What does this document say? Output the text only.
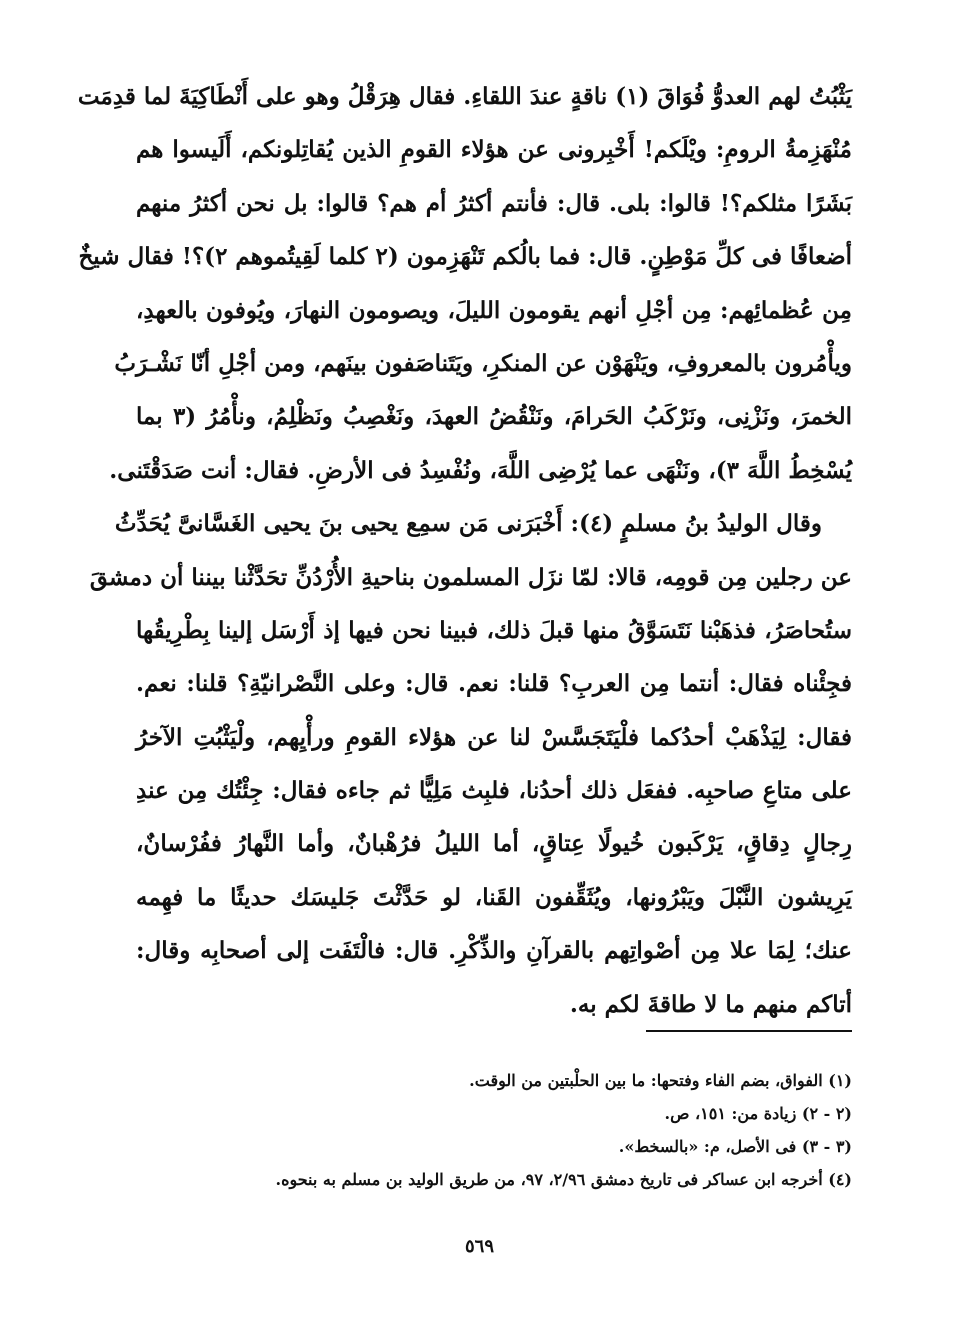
يَثْبُتُ لهم العدوُّ فُوَاقَ (١) ناقةٍ عندَ اللقاءِ. فقال هِرَقْلُ وهو على أَنْطَاكِيَةَ لما قدِمَت
مُنْهَزِمةُ الرومِ: ويْلَكم! أَخْبِرونى عن هؤلاء القومِ الذين يُقاتِلونكم، أَلَيسوا هم
بَشَرًا مثلكم؟! قالوا: بلى. قال: فأنتم أكثرُ أم هم؟ قالوا: بل نحن أكثرُ منهم
أضعافًا فى كلِّ مَوْطِنٍ. قال: فما بالُكم تَنْهَزِمون (٢ كلما لَقِيتُموهم ٢)؟! فقال شيخٌ
مِن عُظمائِهم: مِن أجْلِ أنهم يقومون الليلَ، ويصومون النهارَ، ويُوفون بالعهدِ،
ويأْمُرون بالمعروفِ، ويَنْهَوْن عن المنكرِ، ويَتَناصَفون بينَهم، ومن أجْلِ أنّا نَشْـرَبُ
الخمرَ، ونَزْنِى، ونَرْكَبُ الحَرامَ، ونَنْقُضُ العهدَ، ونَغْصِبُ ونَظْلِمُ، ونأْمُرُ (٣ بما
يُسْخِطُ اللَّهَ ٣)، ونَنْهَى عما يُرْضِى اللَّهَ، ونُفْسِدُ فى الأرضِ. فقال: أنت صَدَقْتَنى.
وقال الوليدُ بنُ مسلمٍ (٤): أَخْبَرَنى مَن سمِع يحيى بنَ يحيى الغَسَّانىَّ يُحَدِّثُ
عن رجلين مِن قومِه، قالا: لمّا نزَل المسلمون بناحيةِ الأُرْدُنِّ تحَدَّثْنا بيننا أن دمشقَ
ستُحاصَرُ، فذهَبْنا نَتَسَوَّقُ منها قبلَ ذلك، فبينا نحن فيها إذ أَرْسَل إلينا بِطْرِيقُها
فجِئْناه فقال: أنتما مِن العربِ؟ قلنا: نعم. قال: وعلى النَّصْرانيّةِ؟ قلنا: نعم.
فقال: لِيَذْهَبْ أحدُكما فلْيَتَجَسَّسْ لنا عن هؤلاء القومِ ورأْيِهم، ولْيَثْبُتِ الآخرُ
على متاعِ صاحبِه. ففعَل ذلك أحدُنا، فلبِث مَلِيًّا ثم جاءه فقال: جِئْتُك مِن عندِ
رِجالٍ دِقاقٍ، يَرْكَبون خُيولًا عِتاقٍ، أما الليلُ فرُهْبانٌ، وأما النَّهارُ ففُرْسانٌ،
يَرِيشون النَّبْلَ ويَبْرُونها، ويُثَقِّفون القَنا، لو حَدَّثْتَ جَليسَك حديثًا ما فهِمه
عنك؛ لِمَا علا مِن أصْواتِهم بالقرآنِ والذِّكْرِ. قال: فالْتَفَت إلى أصحابِه وقال:
أتاكم منهم ما لا طاقةَ لكم به.
(١) الفواق، بضم الفاء وفتحها: ما بين الحلْبتين من الوقت.
(٢ - ٢) زيادة من: ١٥١، ص.
(٣ - ٣) فى الأصل، م: «بالسخط».
(٤) أخرجه ابن عساكر فى تاريخ دمشق ٢/٩٦، ٩٧، من طريق الوليد بن مسلم به بنحوه.
٥٦٩
